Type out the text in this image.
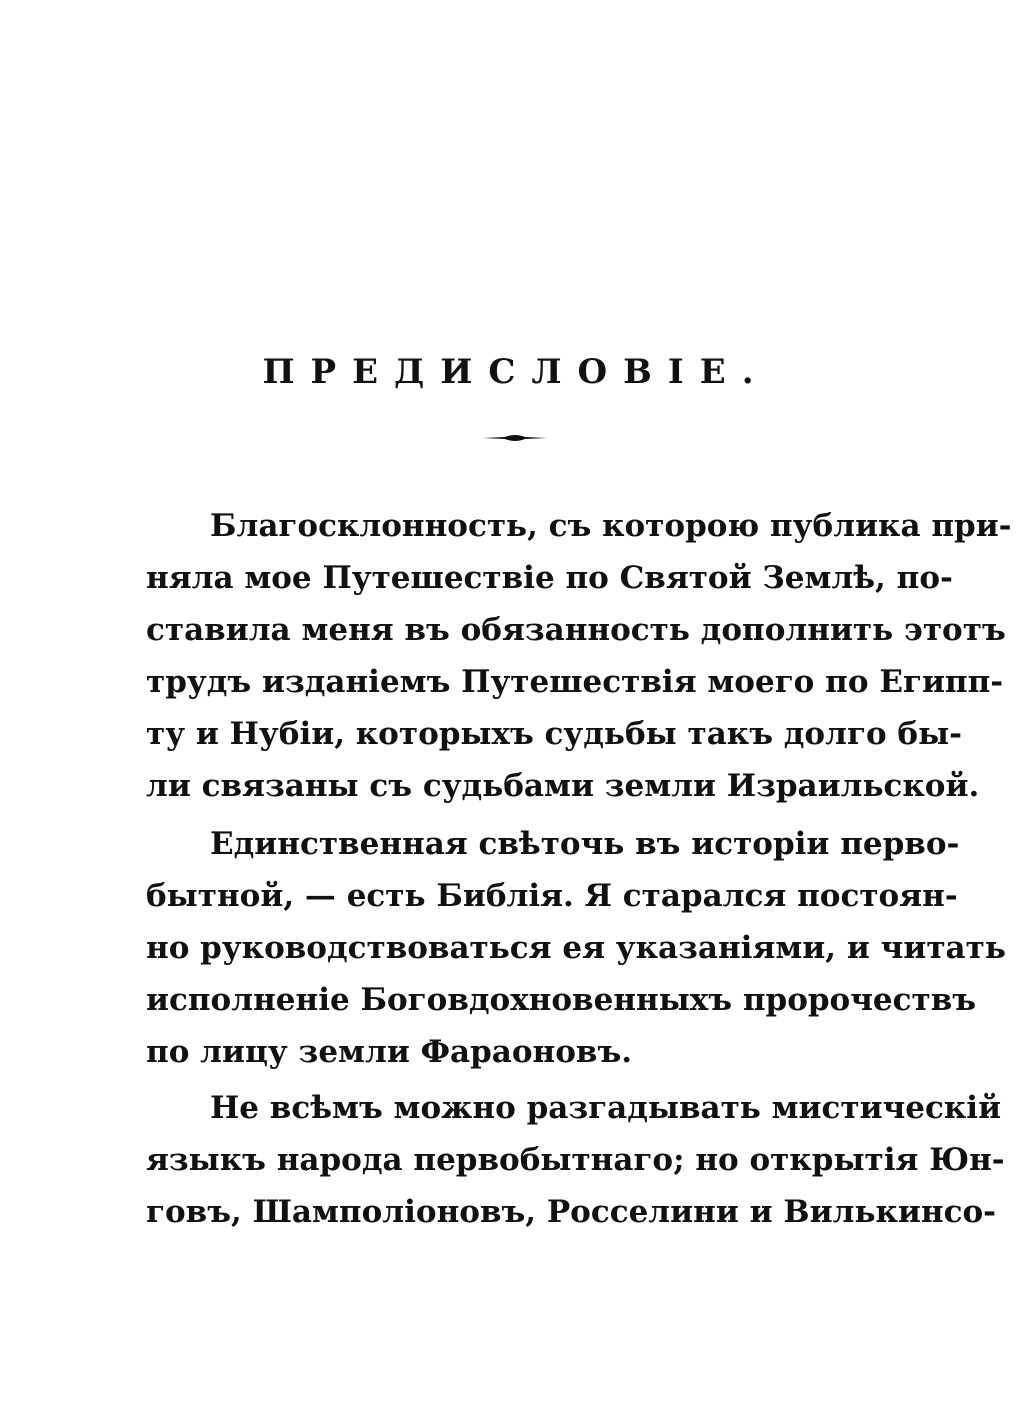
ПРЕДИСЛОВІЕ.
Благосклонность, съ которою публика при-
няла мое Путешествіе по Святой Землѣ, по-
ставила меня въ обязанность дополнить этотъ
трудъ изданіемъ Путешествія моего по Египп-
ту и Нубіи, которыхъ судьбы такъ долго бы-
ли связаны съ судьбами земли Израильской.
Единственная свѣточь въ исторіи перво-
бытной, — есть Библія. Я старался постоян-
но руководствоваться ея указаніями, и читать
исполненіе Боговдохновенныхъ пророчествъ
по лицу земли Фараоновъ.
Не всѣмъ можно разгадывать мистическій
языкъ народа первобытнаго; но открытія Юн-
говъ, Шамполіоновъ, Росселини и Вилькинсо-
